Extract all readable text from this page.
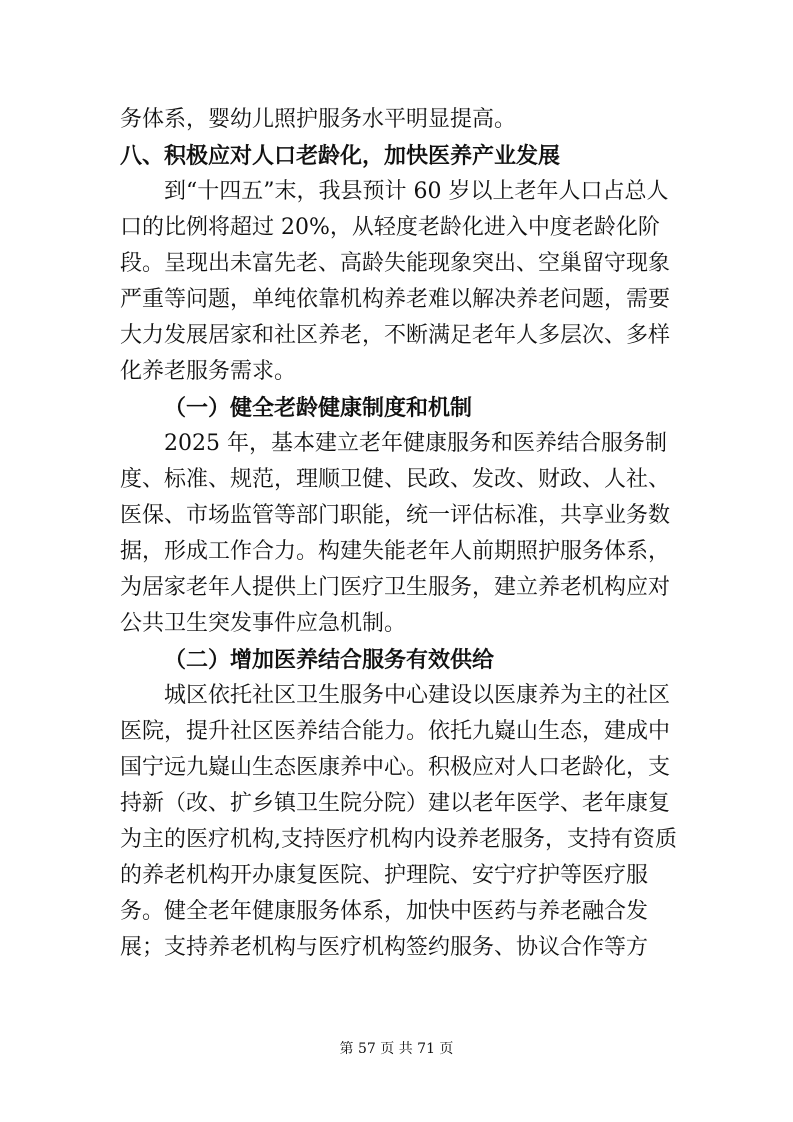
务体系，婴幼儿照护服务水平明显提高。
八、积极应对人口老龄化，加快医养产业发展
到“十四五”末，我县预计 60 岁以上老年人口占总人
口的比例将超过 20%，从轻度老龄化进入中度老龄化阶
段。呈现出未富先老、高龄失能现象突出、空巢留守现象
严重等问题，单纯依靠机构养老难以解决养老问题，需要
大力发展居家和社区养老，不断满足老年人多层次、多样
化养老服务需求。
（一）健全老龄健康制度和机制
2025 年，基本建立老年健康服务和医养结合服务制
度、标准、规范，理顺卫健、民政、发改、财政、人社、
医保、市场监管等部门职能，统一评估标准，共享业务数
据，形成工作合力。构建失能老年人前期照护服务体系，
为居家老年人提供上门医疗卫生服务，建立养老机构应对
公共卫生突发事件应急机制。
（二）增加医养结合服务有效供给
城区依托社区卫生服务中心建设以医康养为主的社区
医院，提升社区医养结合能力。依托九嶷山生态，建成中
国宁远九嶷山生态医康养中心。积极应对人口老龄化，支
持新（改、扩乡镇卫生院分院）建以老年医学、老年康复
为主的医疗机构,支持医疗机构内设养老服务，支持有资质
的养老机构开办康复医院、护理院、安宁疗护等医疗服
务。健全老年健康服务体系，加快中医药与养老融合发
展；支持养老机构与医疗机构签约服务、协议合作等方
第 57 页 共 71 页
